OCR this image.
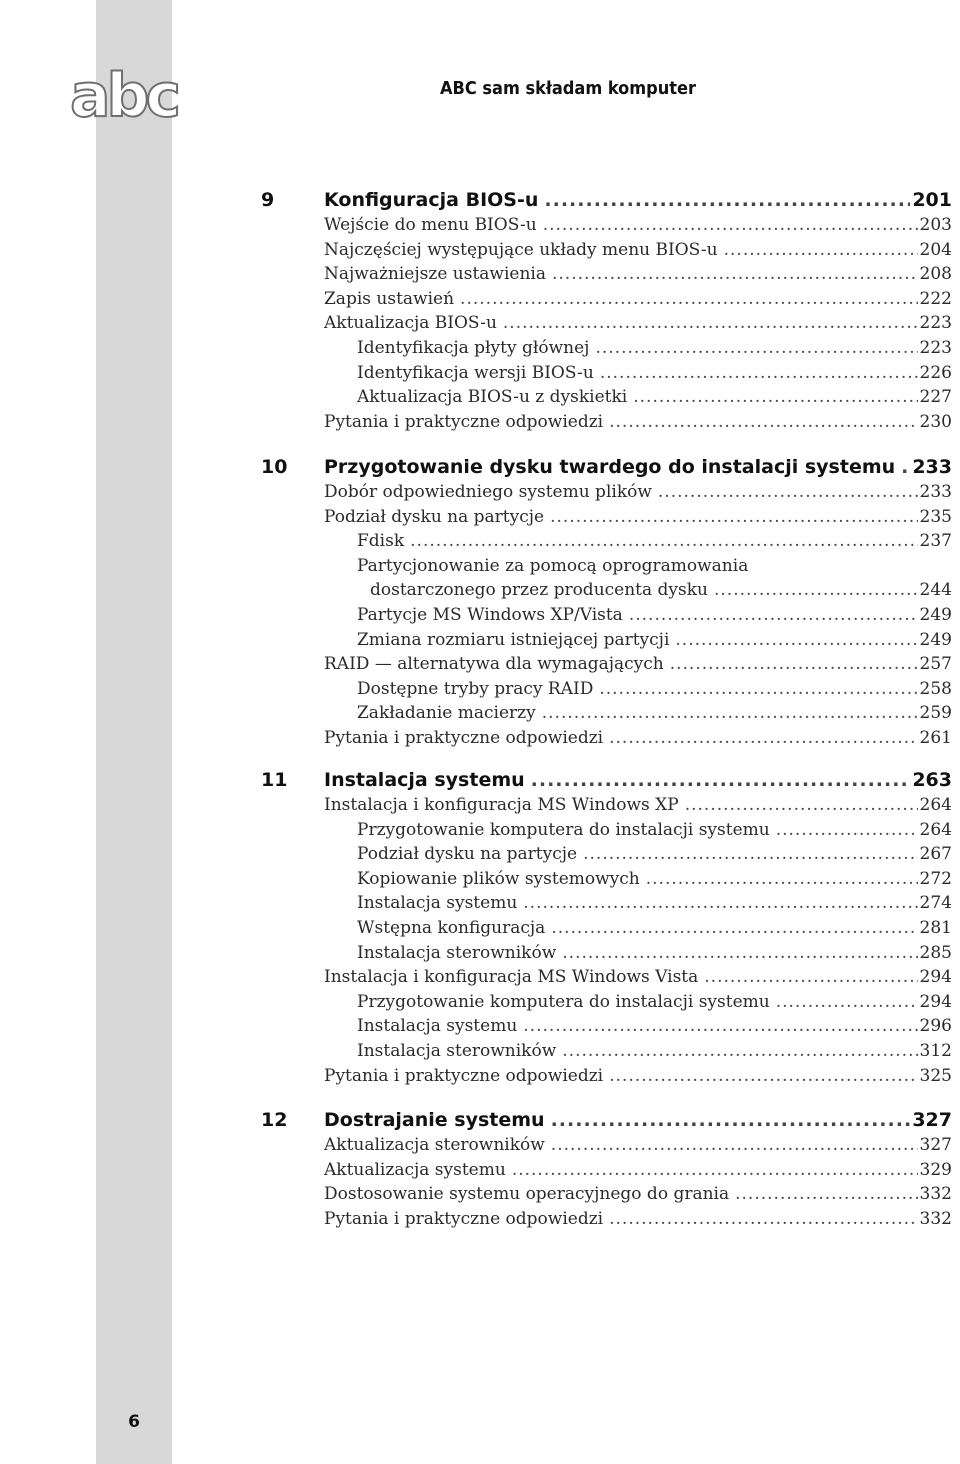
abc	ABC sam składam komputer
9	Konfiguracja BIOS-u .....	201
Wejście do menu BIOS-u .....	203
Najczęściej występujące układy menu BIOS-u .....	204
Najważniejsze ustawienia .....	208
Zapis ustawień .....	222
Aktualizacja BIOS-u .....	223
Identyfikacja płyty głównej .....	223
Identyfikacja wersji BIOS-u .....	226
Aktualizacja BIOS-u z dyskietki .....	227
Pytania i praktyczne odpowiedzi .....	230
10 Przygotowanie dysku twardego do instalacji systemu ..... 233
Dobór odpowiedniego systemu plików .....	233
Podział dysku na partycje .....	235
Fdisk .....	237
Partycjonowanie za pomocą oprogramowania
dostarczonego przez producenta dysku .....	244
Partycje MS Windows XP/Vista .....	249
Zmiana rozmiaru istniejącej partycji .....	249
RAID — alternatywa dla wymagających .....	257
Dostępne tryby pracy RAID .....	258
Zakładanie macierzy .....	259
Pytania i praktyczne odpowiedzi .....	261
11 Instalacja systemu .....	263
Instalacja i konfiguracja MS Windows XP .....	264
Przygotowanie komputera do instalacji systemu .....	264
Podział dysku na partycje .....	267
Kopiowanie plików systemowych .....	272
Instalacja systemu .....	274
Wstępna konfiguracja .....	281
Instalacja sterowników .....	285
Instalacja i konfiguracja MS Windows Vista .....	294
Przygotowanie komputera do instalacji systemu .....	294
Instalacja systemu .....	296
Instalacja sterowników .....	312
Pytania i praktyczne odpowiedzi .....	325
12 Dostrajanie systemu .....	327
Aktualizacja sterowników .....	327
Aktualizacja systemu .....	329
Dostosowanie systemu operacyjnego do grania .....	332
Pytania i praktyczne odpowiedzi .....	332
6
